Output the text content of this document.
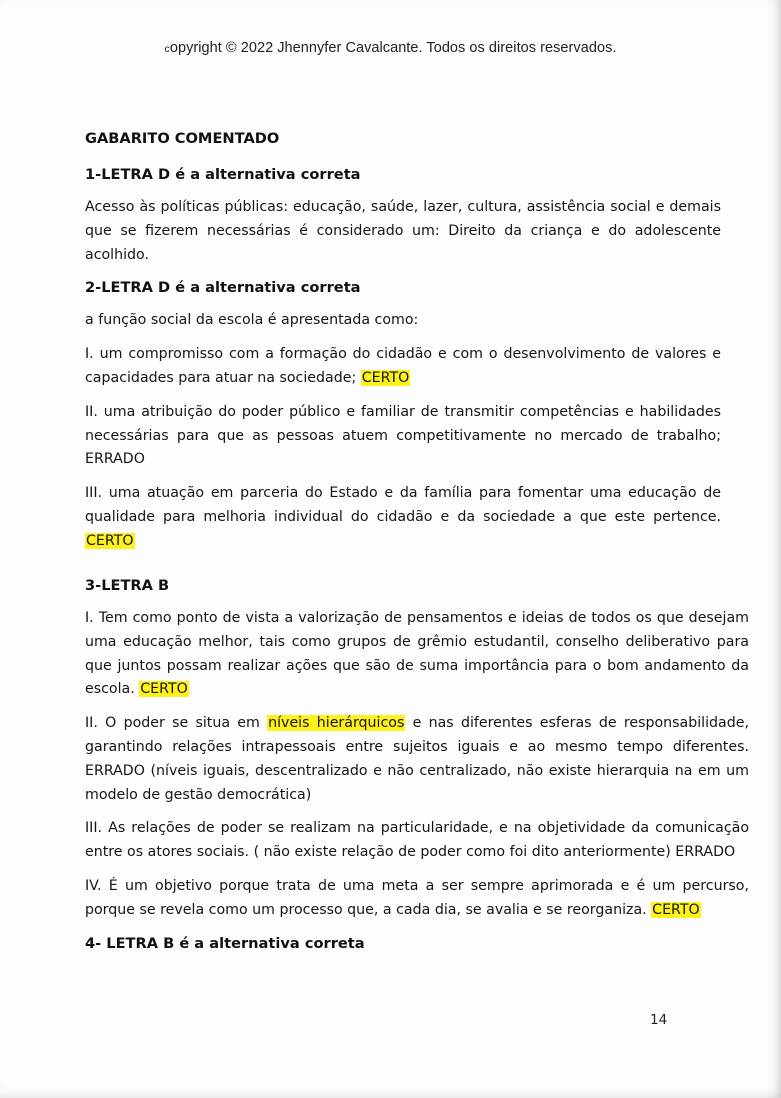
copyright © 2022 Jhennyfer Cavalcante. Todos os direitos reservados.
GABARITO COMENTADO
1-LETRA D é a alternativa correta

Acesso às políticas públicas: educação, saúde, lazer, cultura, assistência social e demais que se fizerem necessárias é considerado um: Direito da criança e do adolescente acolhido.

2-LETRA D é a alternativa correta

a função social da escola é apresentada como:

I. um compromisso com a formação do cidadão e com o desenvolvimento de valores e capacidades para atuar na sociedade; CERTO

II. uma atribuição do poder público e familiar de transmitir competências e habilidades necessárias para que as pessoas atuem competitivamente no mercado de trabalho; ERRADO

III. uma atuação em parceria do Estado e da família para fomentar uma educação de qualidade para melhoria individual do cidadão e da sociedade a que este pertence. CERTO

3-LETRA B

I. Tem como ponto de vista a valorização de pensamentos e ideias de todos os que desejam uma educação melhor, tais como grupos de grêmio estudantil, conselho deliberativo para que juntos possam realizar ações que são de suma importância para o bom andamento da escola. CERTO

II. O poder se situa em níveis hierárquicos e nas diferentes esferas de responsabilidade, garantindo relações intrapessoais entre sujeitos iguais e ao mesmo tempo diferentes. ERRADO (níveis iguais, descentralizado e não centralizado, não existe hierarquia na em um modelo de gestão democrática)

III. As relações de poder se realizam na particularidade, e na objetividade da comunicação entre os atores sociais. ( não existe relação de poder como foi dito anteriormente) ERRADO

IV. É um objetivo porque trata de uma meta a ser sempre aprimorada e é um percurso, porque se revela como um processo que, a cada dia, se avalia e se reorganiza. CERTO

4- LETRA B é a alternativa correta
14
